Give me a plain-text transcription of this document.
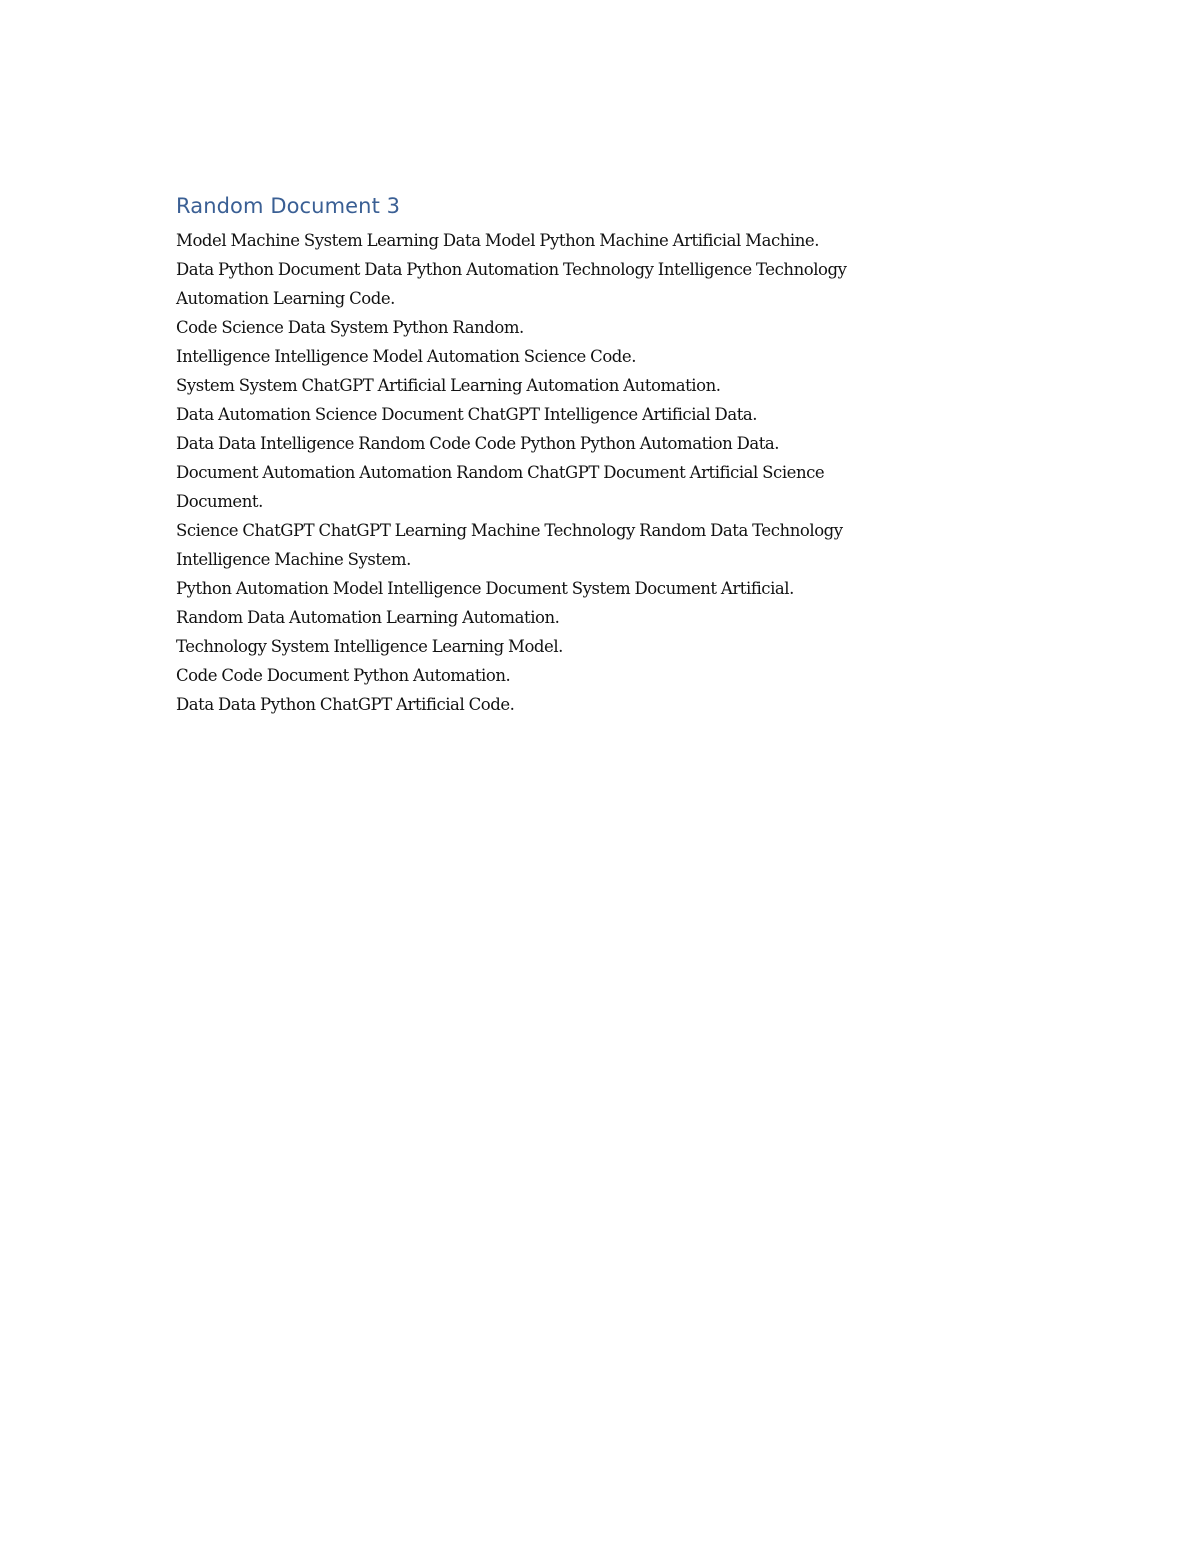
Random Document 3

Model Machine System Learning Data Model Python Machine Artificial Machine.

Data Python Document Data Python Automation Technology Intelligence Technology

Automation Learning Code.

Code Science Data System Python Random.

Intelligence Intelligence Model Automation Science Code.

System System ChatGPT Artificial Learning Automation Automation.

Data Automation Science Document ChatGPT Intelligence Artificial Data.

Data Data Intelligence Random Code Code Python Python Automation Data.

Document Automation Automation Random ChatGPT Document Artificial Science

Document.

Science ChatGPT ChatGPT Learning Machine Technology Random Data Technology

Intelligence Machine System.

Python Automation Model Intelligence Document System Document Artificial.

Random Data Automation Learning Automation.

Technology System Intelligence Learning Model.

Code Code Document Python Automation.

Data Data Python ChatGPT Artificial Code.
